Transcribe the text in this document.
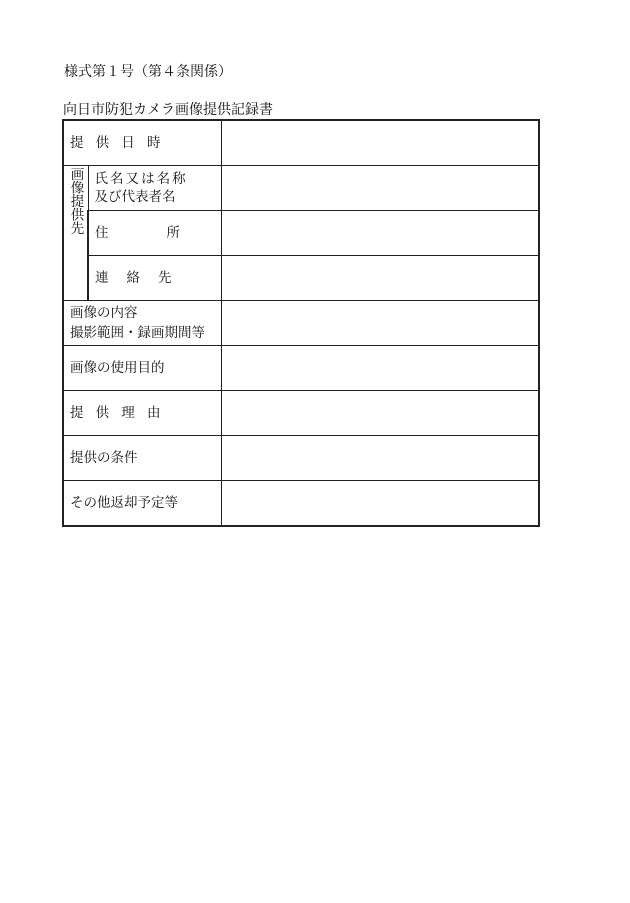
様式第１号（第４条関係）
向日市防犯カメラ画像提供記録書
提供日時		
画像提供先	氏名又は名称
及び代表者名	

	住 所	
	連 絡 先	

画像の内容
撮影範囲・録画期間等		

画像の使用目的		
提供理由		
提供の条件		
その他返却予定等		
